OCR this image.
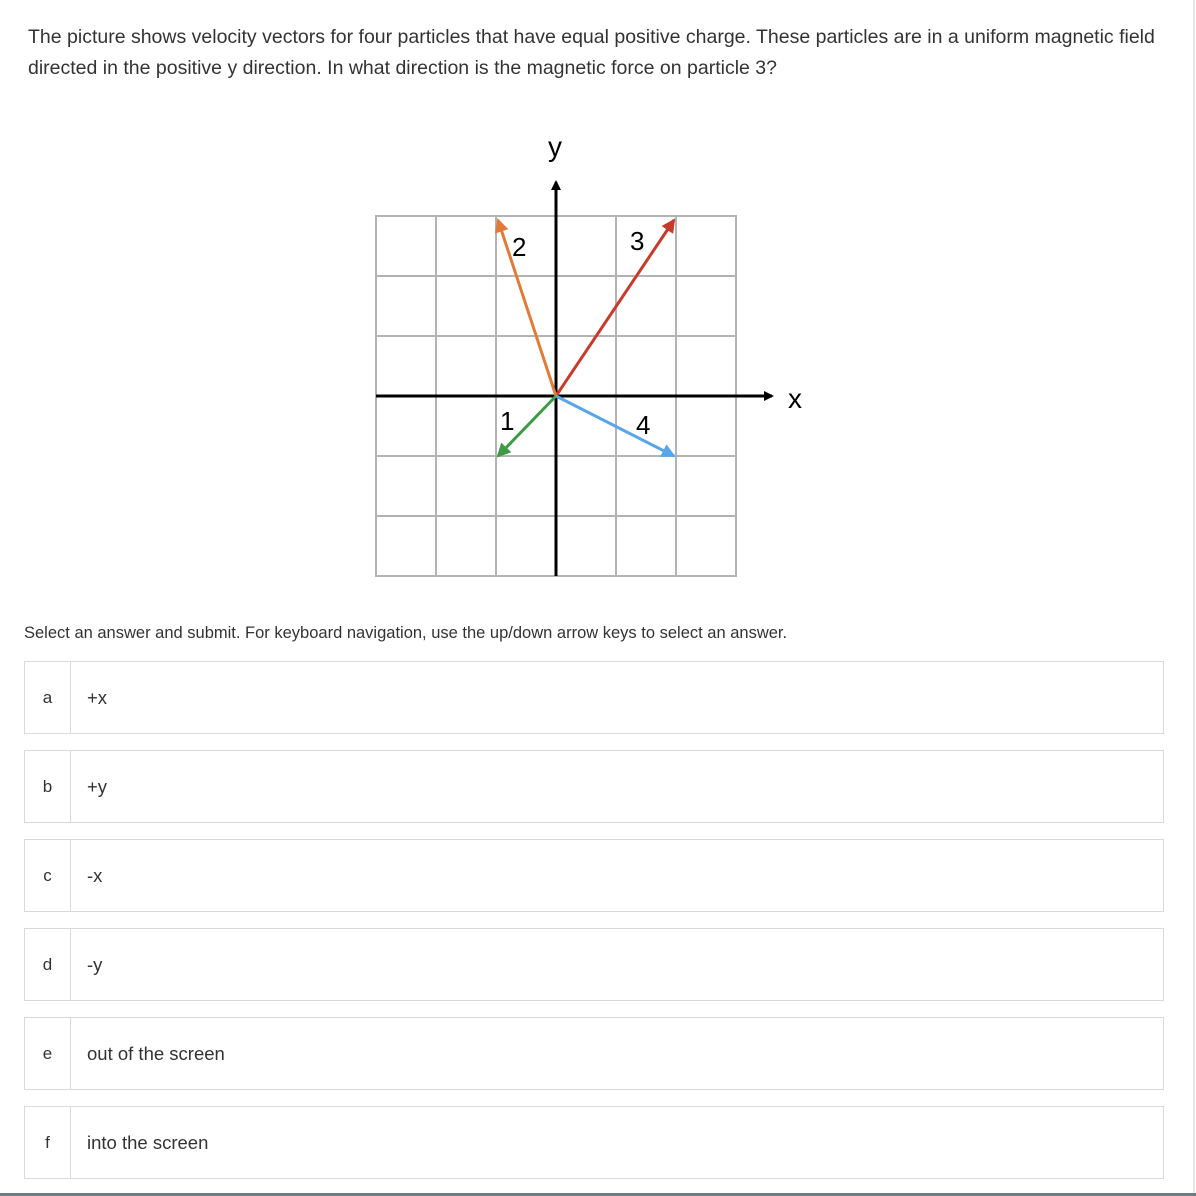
The picture shows velocity vectors for four particles that have equal positive charge. These particles are in a uniform magnetic field directed in the positive y direction. In what direction is the magnetic force on particle 3?
y
x
2	3
1	4
Select an answer and submit. For keyboard navigation, use the up/down arrow keys to select an answer.
a	+x
b	+y
c	-x
d	-y
e	out of the screen
f	into the screen
